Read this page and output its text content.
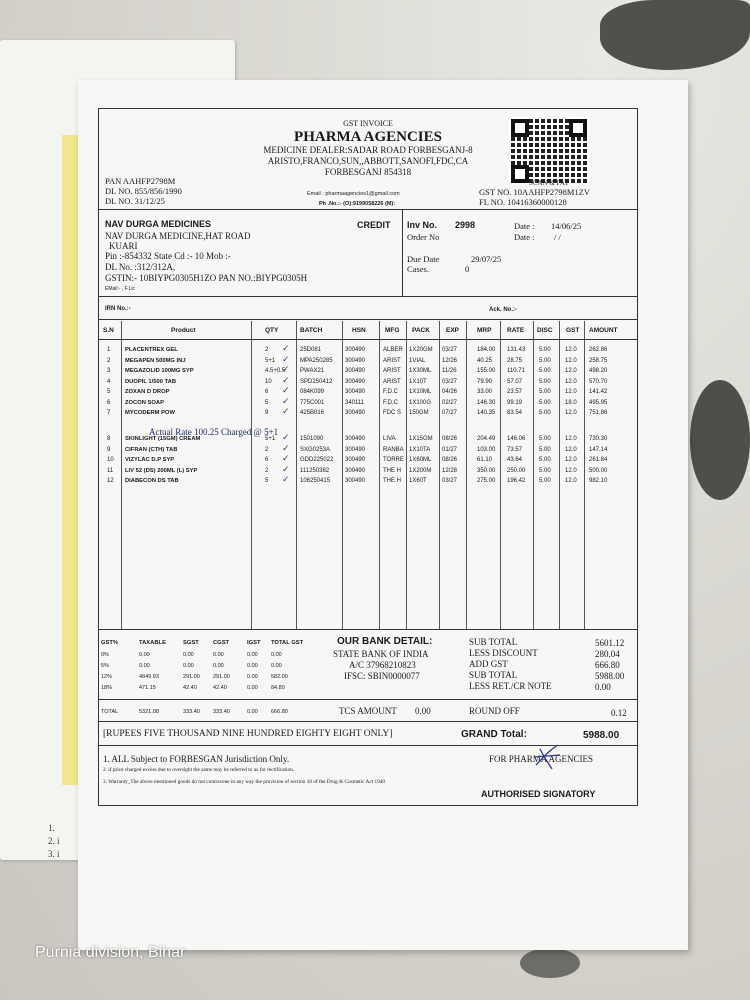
1.
2. i
3. i
GST INVOICE
PHARMA AGENCIES
MEDICINE DEALER:SADAR ROAD FORBESGANJ-8
ARISTO,FRANCO,SUN,,ABBOTT,SANOFI,FDC,CA
FORBESGANJ 854318
PAN AAHFP2798M
DL NO. 855/856/1990
DL NO. 31/12/25
Email : pharmaagencies1@gmail.com
Ph .No.:- (O):9199058226 (M):
SCAN & PAY
GST NO. 10AAHFP2798M1ZV
FL NO. 10416360000128
NAV DURGA MEDICINES	CREDIT
NAV DURGA MEDICINE,HAT ROAD
KUARI
Pin :-854332 State Cd :- 10 Mob :-
DL No. :312/312A,
GSTIN:- 10BIYPG0305H1ZO PAN NO.:BIYPG0305H
EMail:- , F.Lic
Inv No. 2998	Date : 14/06/25
Order No	Date : / /
Due Date	29/07/25
Cases.	0
IRN No.:-	Ack. No.:-
S.N	Product	QTY	BATCH	HSN	MFG PACK EXP	MRP RATE DISC GST AMOUNT
1	PLACENTREX GEL	2	25D081	300490	ALBER 1X20GM 03/27	184.00 131.43 5.00 12.0 262.86
✓
2	MEGAPEN 500MG INJ	5+1	MPA250285 300490	ARIST 1VIAL	12/26	40.25 28.75	5.00 12.0 258.75
✓
3	MEGAZOLID 100MG SYP	4.5+0.5 PWAX21	300490	ARIST 1X30ML 11/26	155.00 110.71 5.00 12.0 498.20
✓
4	DUOPIL 1/500 TAB	10	SPD250412 300490	ARIST 1X10T	03/27	79.90 57.07	5.00 12.0 570.70
✓
5	ZOXAN D DROP	6	084K099	300490	F.D.C 1X10ML 04/26	33.00 23.57	5.00 12.0 141.42
✓
6	ZOCON SOAP	5	775C001	340111	F.D.C 1X100G 02/27	146.30 99.19	5.00 18.0 495.95
✓
7	MYCODERM POW	9	425B016	300490	FDC S 150GM 07/27	140.35 83.54	5.00 12.0 751.86
✓
8	SKINLIGHT (15GM) CREAM	5+1	1501090	300490	LIVA 1X15GM 08/26	204.49 146.06 5.00 12.0 730.30
✓
9	CIFRAN (CTH) TAB	2	SXG0253A 300490	RANBA 1X10TA 01/27	103.00 73.57	5.00 12.0 147.14
✓
10 VIZYLAC D.P SYP	6	GDD225022 300490	TORRE 1X60ML 08/26	61.10 43.64	5.00 12.0 261.84
✓
11 LIV 52 (DS) 200ML (L) SYP	2	111250382	300490	THE H 1X200M 12/28	350.00 250.00 5.00 12.0 500.00
✓
12 DIABECON DS TAB	5	106250415 300490	THE H 1X60T	03/27	275.00 196.42 5.00 12.0 982.10
✓
Actual Rate 100.25 Charged @ 5+1
GST%	TAXABLE	SGST CGST	IGST TOTAL GST
0%	0.00	0.00	0.00	0.00 0.00
5%	0.00	0.00	0.00	0.00 0.00
12%	4849.93	291.00 291.00	0.00 582.00
18%	471.15	42.40	42.40	0.00 84.80
TOTAL	5321.08	333.40 333.40	0.00 666.80
OUR BANK DETAIL:
STATE BANK OF INDIA
A/C 37968210823
IFSC: SBIN0000077
SUB TOTAL	5601.12
LESS DISCOUNT	280.04
ADD GST	666.80
SUB TOTAL	5988.00
LESS RET./CR NOTE	0.00
TCS AMOUNT 0.00	ROUND OFF	0.12
[RUPEES FIVE THOUSAND NINE HUNDRED EIGHTY EIGHT ONLY]	GRAND Total:	5988.00
1. ALL Subject to FORBESGAN Jurisdiction Only.
2. if price charged excess due to oversight the same may be referred to us for rectification.
3. Warranty_The above mentioned goods do not contravene in any way the provision of section 18 of the Drug & Cosmetic Act 1940
FOR PHARMA AGENCIES
AUTHORISED SIGNATORY
Purnia division, Bihar
